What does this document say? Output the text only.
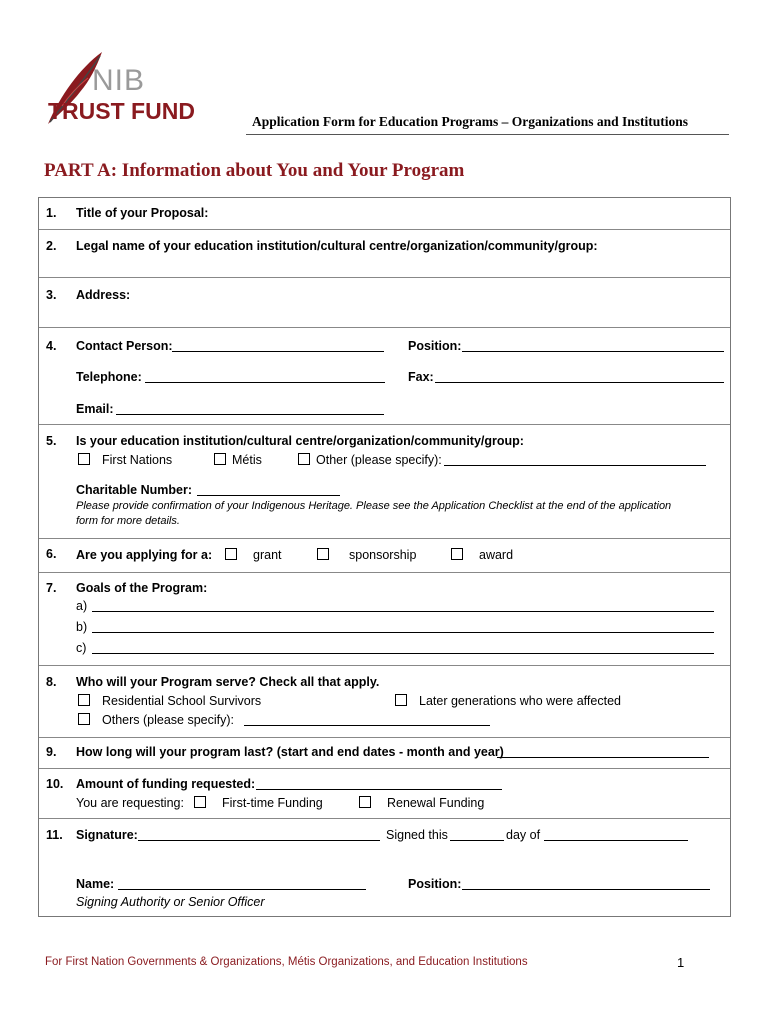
NIB
TRUST FUND	Application Form for Education Programs – Organizations and Institutions
PART A: Information about You and Your Program
1. Title of your Proposal:
2. Legal name of your education institution/cultural centre/organization/community/group:
3. Address:
4. Contact Person:	Position:
Telephone:	Fax:
Email:
5. Is your education institution/cultural centre/organization/community/group:
First Nations	Métis	Other (please specify):
Charitable Number:
Please provide confirmation of your Indigenous Heritage. Please see the Application Checklist at the end of the application
form for more details.
6. Are you applying for a:	grant	sponsorship	award
7. Goals of the Program:
a)
b)
c)
8. Who will your Program serve? Check all that apply.
Residential School Survivors	Later generations who were affected
Others (please specify):
9. How long will your program last? (start and end dates - month and year)
10. Amount of funding requested:
You are requesting:	First-time Funding	Renewal Funding
11. Signature:	Signed this	day of
Name:	Position:
Signing Authority or Senior Officer
For First Nation Governments & Organizations, Métis Organizations, and Education Institutions	1
